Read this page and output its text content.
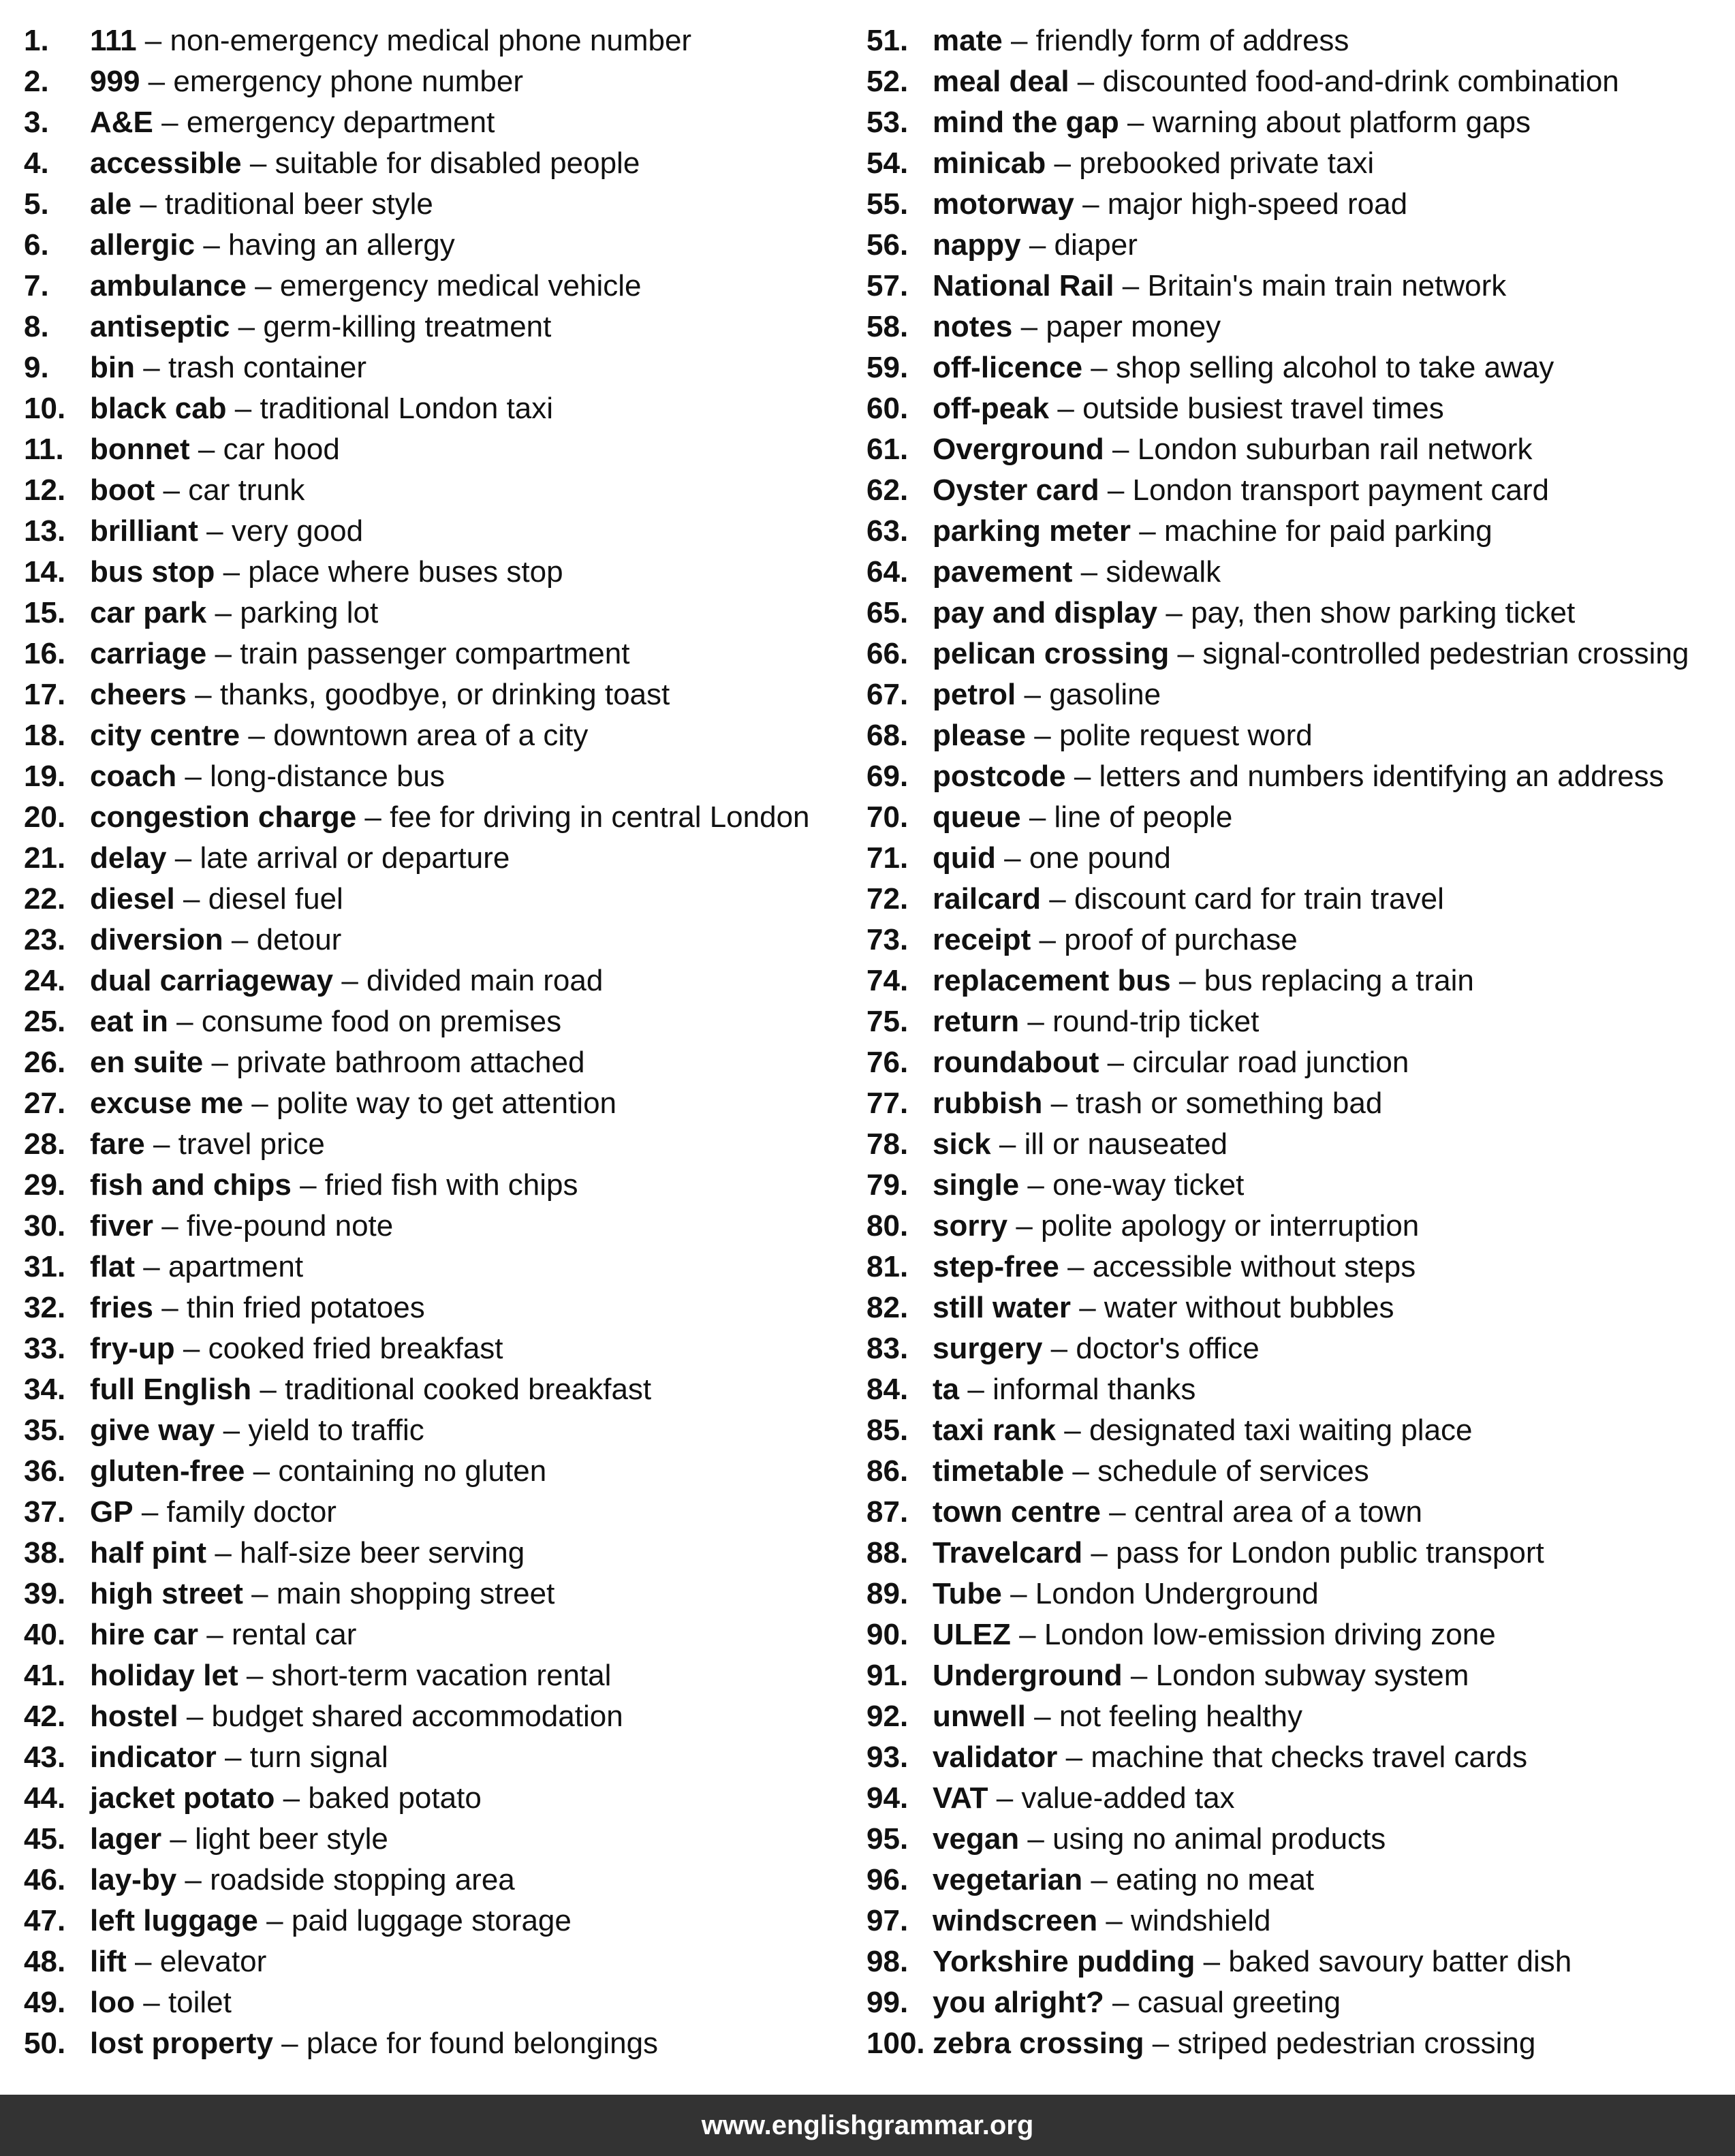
1.	111 – non-emergency medical phone number
2.	999 – emergency phone number
3.	A&E – emergency department
4.	accessible – suitable for disabled people
5.	ale – traditional beer style
6.	allergic – having an allergy
7.	ambulance – emergency medical vehicle
8.	antiseptic – germ-killing treatment
9.	bin – trash container
10. black cab – traditional London taxi
11. bonnet – car hood
12. boot – car trunk
13. brilliant – very good
14. bus stop – place where buses stop
15. car park – parking lot
16. carriage – train passenger compartment
17. cheers – thanks, goodbye, or drinking toast
18. city centre – downtown area of a city
19. coach – long-distance bus
20. congestion charge – fee for driving in central London
21. delay – late arrival or departure
22. diesel – diesel fuel
23. diversion – detour
24. dual carriageway – divided main road
25. eat in – consume food on premises
26. en suite – private bathroom attached
27. excuse me – polite way to get attention
28. fare – travel price
29. fish and chips – fried fish with chips
30. fiver – five-pound note
31. flat – apartment
32. fries – thin fried potatoes
33. fry-up – cooked fried breakfast
34. full English – traditional cooked breakfast
35. give way – yield to traffic
36. gluten-free – containing no gluten
37. GP – family doctor
38. half pint – half-size beer serving
39. high street – main shopping street
40. hire car – rental car
41. holiday let – short-term vacation rental
42. hostel – budget shared accommodation
43. indicator – turn signal
44. jacket potato – baked potato
45. lager – light beer style
46. lay-by – roadside stopping area
47. left luggage – paid luggage storage
48. lift – elevator
49. loo – toilet
50. lost property – place for found belongings
51. mate – friendly form of address
52. meal deal – discounted food-and-drink combination
53. mind the gap – warning about platform gaps
54. minicab – prebooked private taxi
55. motorway – major high-speed road
56. nappy – diaper
57. National Rail – Britain's main train network
58. notes – paper money
59. off-licence – shop selling alcohol to take away
60. off-peak – outside busiest travel times
61. Overground – London suburban rail network
62. Oyster card – London transport payment card
63. parking meter – machine for paid parking
64. pavement – sidewalk
65. pay and display – pay, then show parking ticket
66. pelican crossing – signal-controlled pedestrian crossing
67. petrol – gasoline
68. please – polite request word
69. postcode – letters and numbers identifying an address
70. queue – line of people
71. quid – one pound
72. railcard – discount card for train travel
73. receipt – proof of purchase
74. replacement bus – bus replacing a train
75. return – round-trip ticket
76. roundabout – circular road junction
77. rubbish – trash or something bad
78. sick – ill or nauseated
79. single – one-way ticket
80. sorry – polite apology or interruption
81. step-free – accessible without steps
82. still water – water without bubbles
83. surgery – doctor's office
84. ta – informal thanks
85. taxi rank – designated taxi waiting place
86. timetable – schedule of services
87. town centre – central area of a town
88. Travelcard – pass for London public transport
89. Tube – London Underground
90. ULEZ – London low-emission driving zone
91. Underground – London subway system
92. unwell – not feeling healthy
93. validator – machine that checks travel cards
94. VAT – value-added tax
95. vegan – using no animal products
96. vegetarian – eating no meat
97. windscreen – windshield
98. Yorkshire pudding – baked savoury batter dish
99. you alright? – casual greeting
100. zebra crossing – striped pedestrian crossing
www.englishgrammar.org
